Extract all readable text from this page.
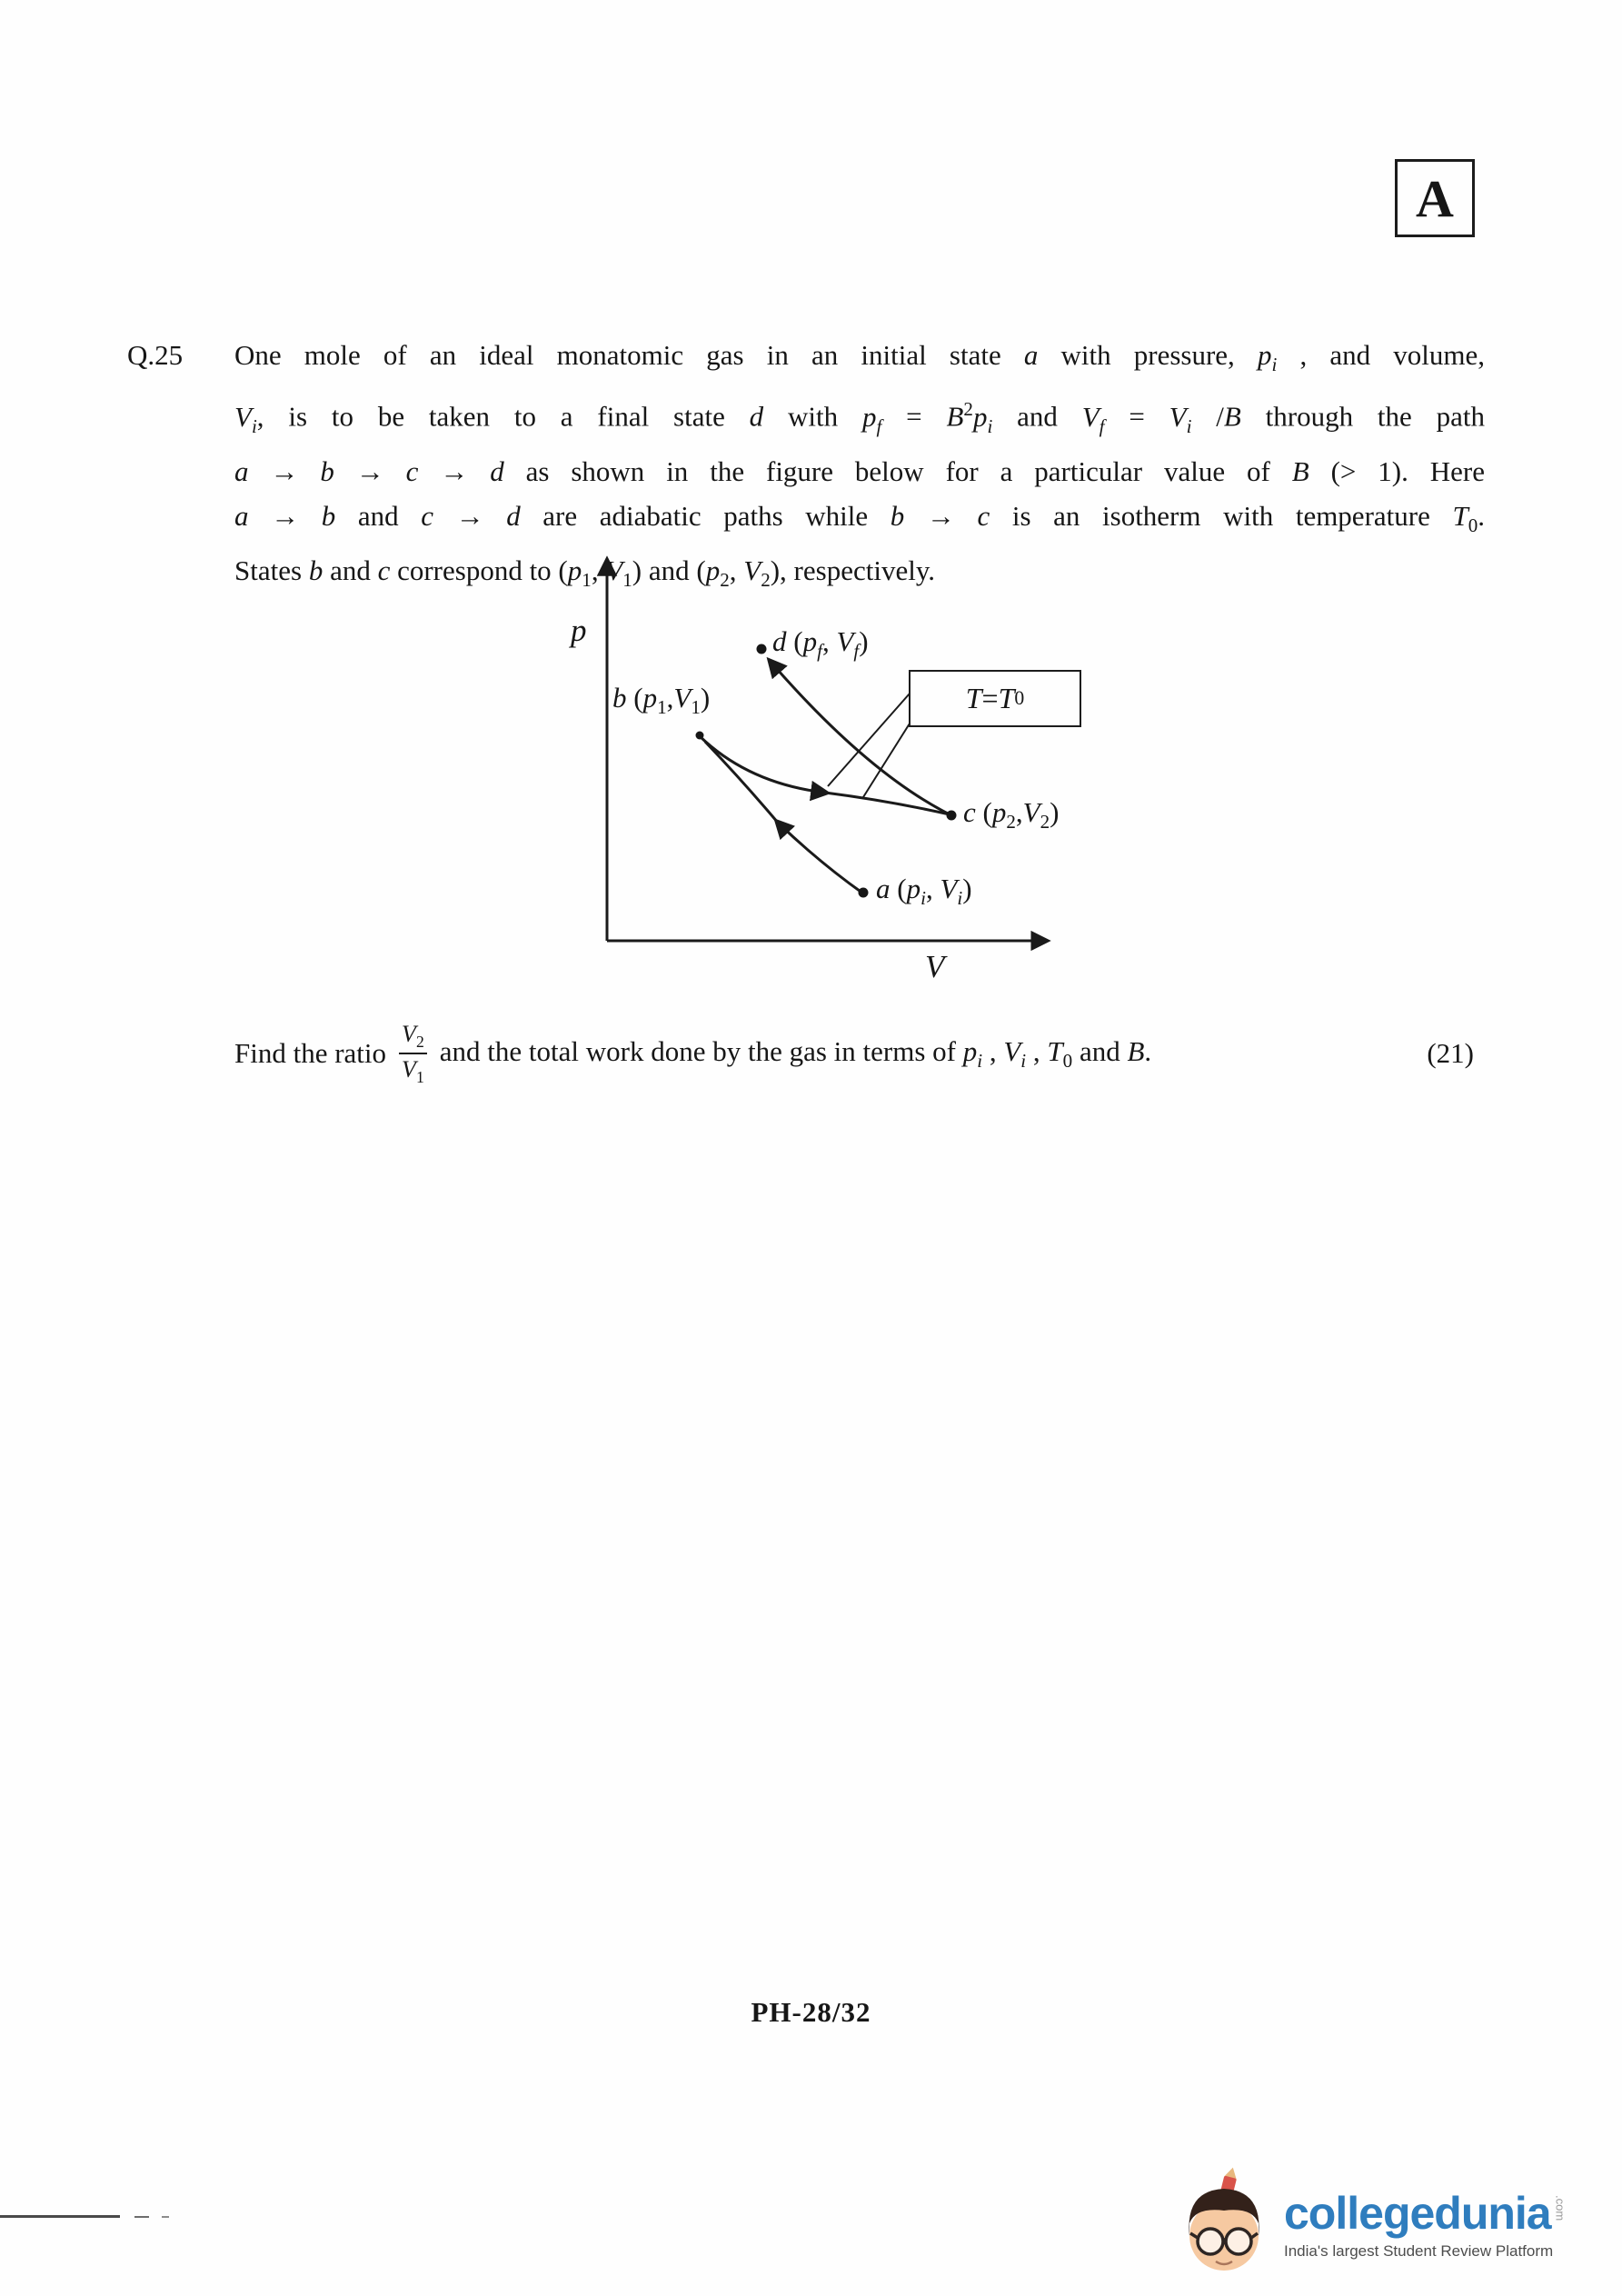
A
Q.25	One mole of an ideal monatomic gas in an initial state a with pressure, $p_i$ , and volume,
$V_i$, is to be taken to a final state d with $p_f = B^2p_i$ and $V_f = V_i$ /B through the path
a → b → c → d as shown in the figure below for a particular value of B (> 1). Here
a → b and c → d are adiabatic paths while b → c is an isotherm with temperature $T_0$.
States b and c correspond to ($p_1$, $V_1$) and ($p_2$, $V_2$), respectively.
p
V
d ($p_f$, $V_f$)
b $(p_1,V_1)$
c $(p_2,V_2)$
a ($p_i$, $V_i$)
T = T 0
Find the ratio $\frac{V_2}{V_1}$ and the total work done by the gas in terms of $p_i$ , $V_i$ , $T_0$ and B.	(21)
PH-28/32
collegedunia .com
India's largest Student Review Platform
